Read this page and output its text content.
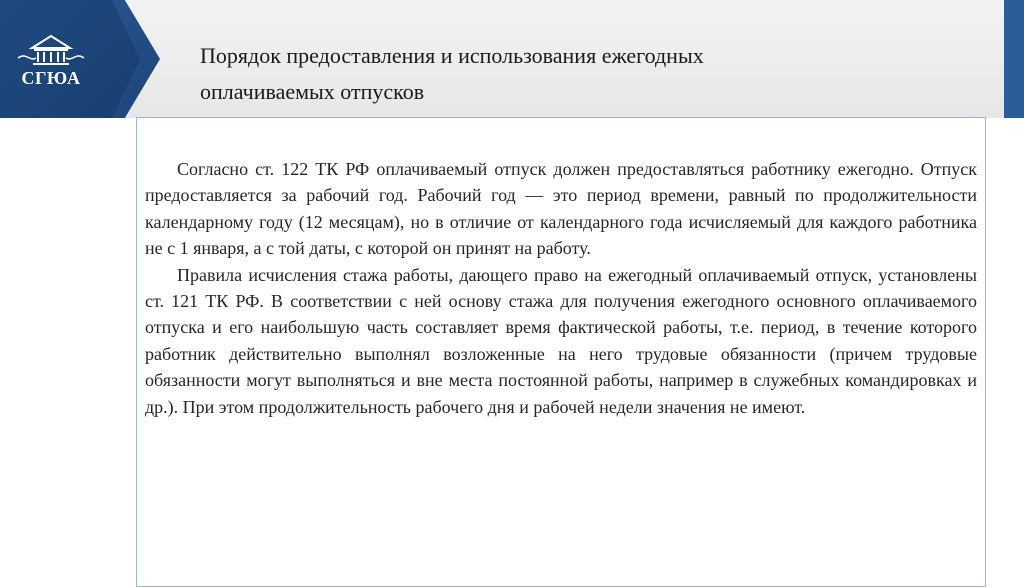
СГЮА
Порядок предоставления и использования ежегодных
оплачиваемых отпусков

Согласно ст. 122 ТК РФ оплачиваемый отпуск должен предоставляться работнику ежегодно. Отпуск предоставляется за рабочий год. Рабочий год — это период времени, равный по продолжительности календарному году (12 месяцам), но в отличие от календарного года исчисляемый для каждого работника не с 1 января, а с той даты, с которой он принят на работу.

Правила исчисления стажа работы, дающего право на ежегодный оплачиваемый отпуск, установлены ст. 121 ТК РФ. В соответствии с ней основу стажа для получения ежегодного основного оплачиваемого отпуска и его наибольшую часть составляет время фактической работы, т.е. период, в течение которого работник действительно выполнял возложенные на него трудовые обязанности (причем трудовые обязанности могут выполняться и вне места постоянной работы, например в служебных командировках и др.). При этом продолжительность рабочего дня и рабочей недели значения не имеют.
